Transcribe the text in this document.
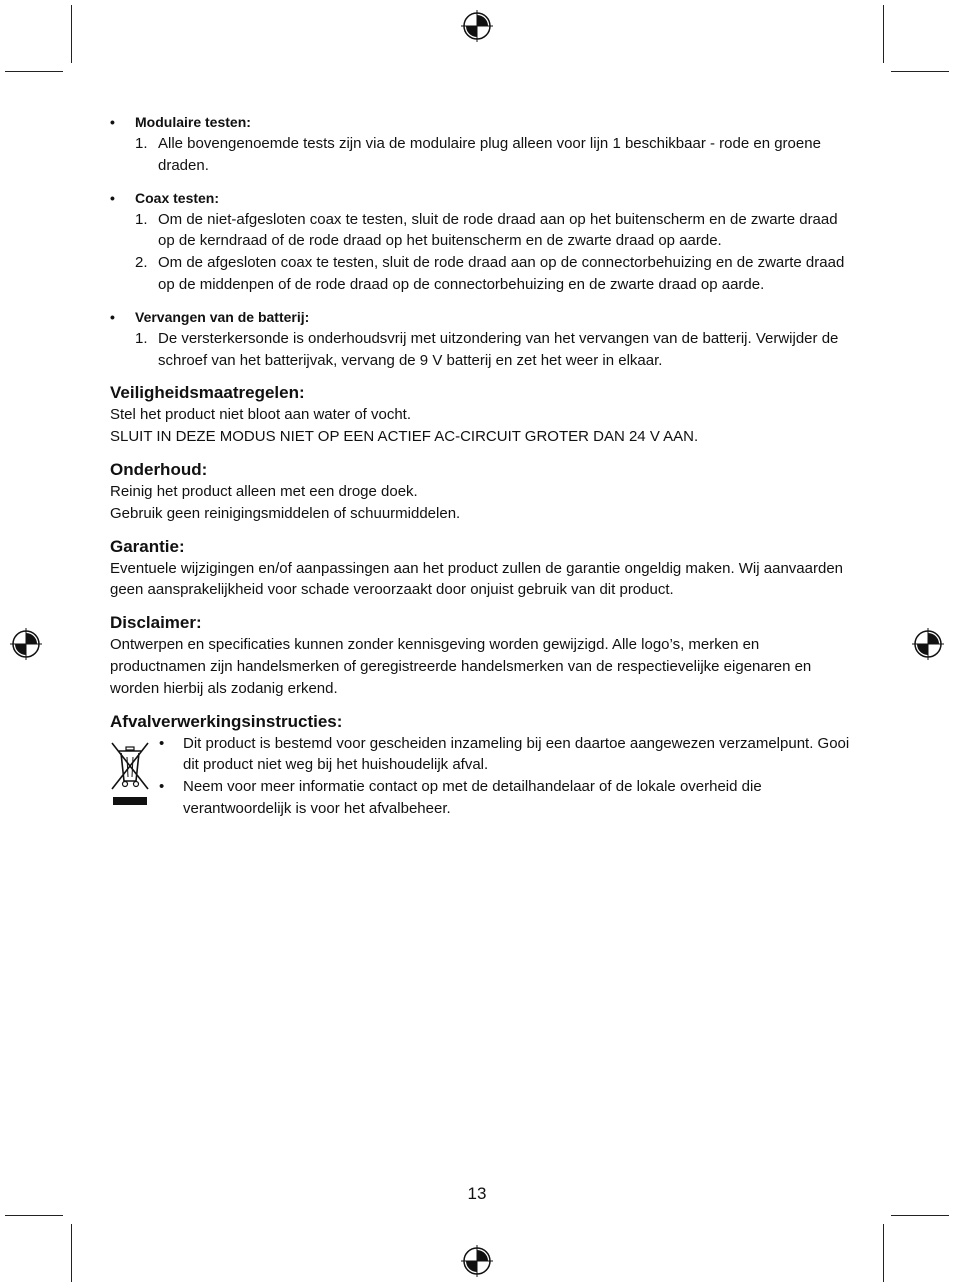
• Modulaire testen:
1. Alle bovengenoemde tests zijn via de modulaire plug alleen voor lijn 1 beschikbaar - rode en groene draden.
• Coax testen:
1. Om de niet-afgesloten coax te testen, sluit de rode draad aan op het buitenscherm en de zwarte draad op de kerndraad of de rode draad op het buitenscherm en de zwarte draad op aarde.
2. Om de afgesloten coax te testen, sluit de rode draad aan op de connectorbehuizing en de zwarte draad op de middenpen of de rode draad op de connectorbehuizing en de zwarte draad op aarde.
• Vervangen van de batterij:
1. De versterkersonde is onderhoudsvrij met uitzondering van het vervangen van de batterij. Verwijder de schroef van het batterijvak, vervang de 9 V batterij en zet het weer in elkaar.
Veiligheidsmaatregelen:

Stel het product niet bloot aan water of vocht.

SLUIT IN DEZE MODUS NIET OP EEN ACTIEF AC-CIRCUIT GROTER DAN 24 V AAN.

Onderhoud:

Reinig het product alleen met een droge doek.

Gebruik geen reinigingsmiddelen of schuurmiddelen.

Garantie:

Eventuele wijzigingen en/of aanpassingen aan het product zullen de garantie ongeldig maken. Wij aanvaarden geen aansprakelijkheid voor schade veroorzaakt door onjuist gebruik van dit product.

Disclaimer:

Ontwerpen en specificaties kunnen zonder kennisgeving worden gewijzigd. Alle logo’s, merken en productnamen zijn handelsmerken of geregistreerde handelsmerken van de respectievelijke eigenaren en worden hierbij als zodanig erkend.

Afvalverwerkingsinstructies:
• Dit product is bestemd voor gescheiden inzameling bij een daartoe aangewezen verzamelpunt. Gooi dit product niet weg bij het huishoudelijk afval.
• Neem voor meer informatie contact op met de detailhandelaar of de lokale overheid die verantwoordelijk is voor het afvalbeheer.
13
